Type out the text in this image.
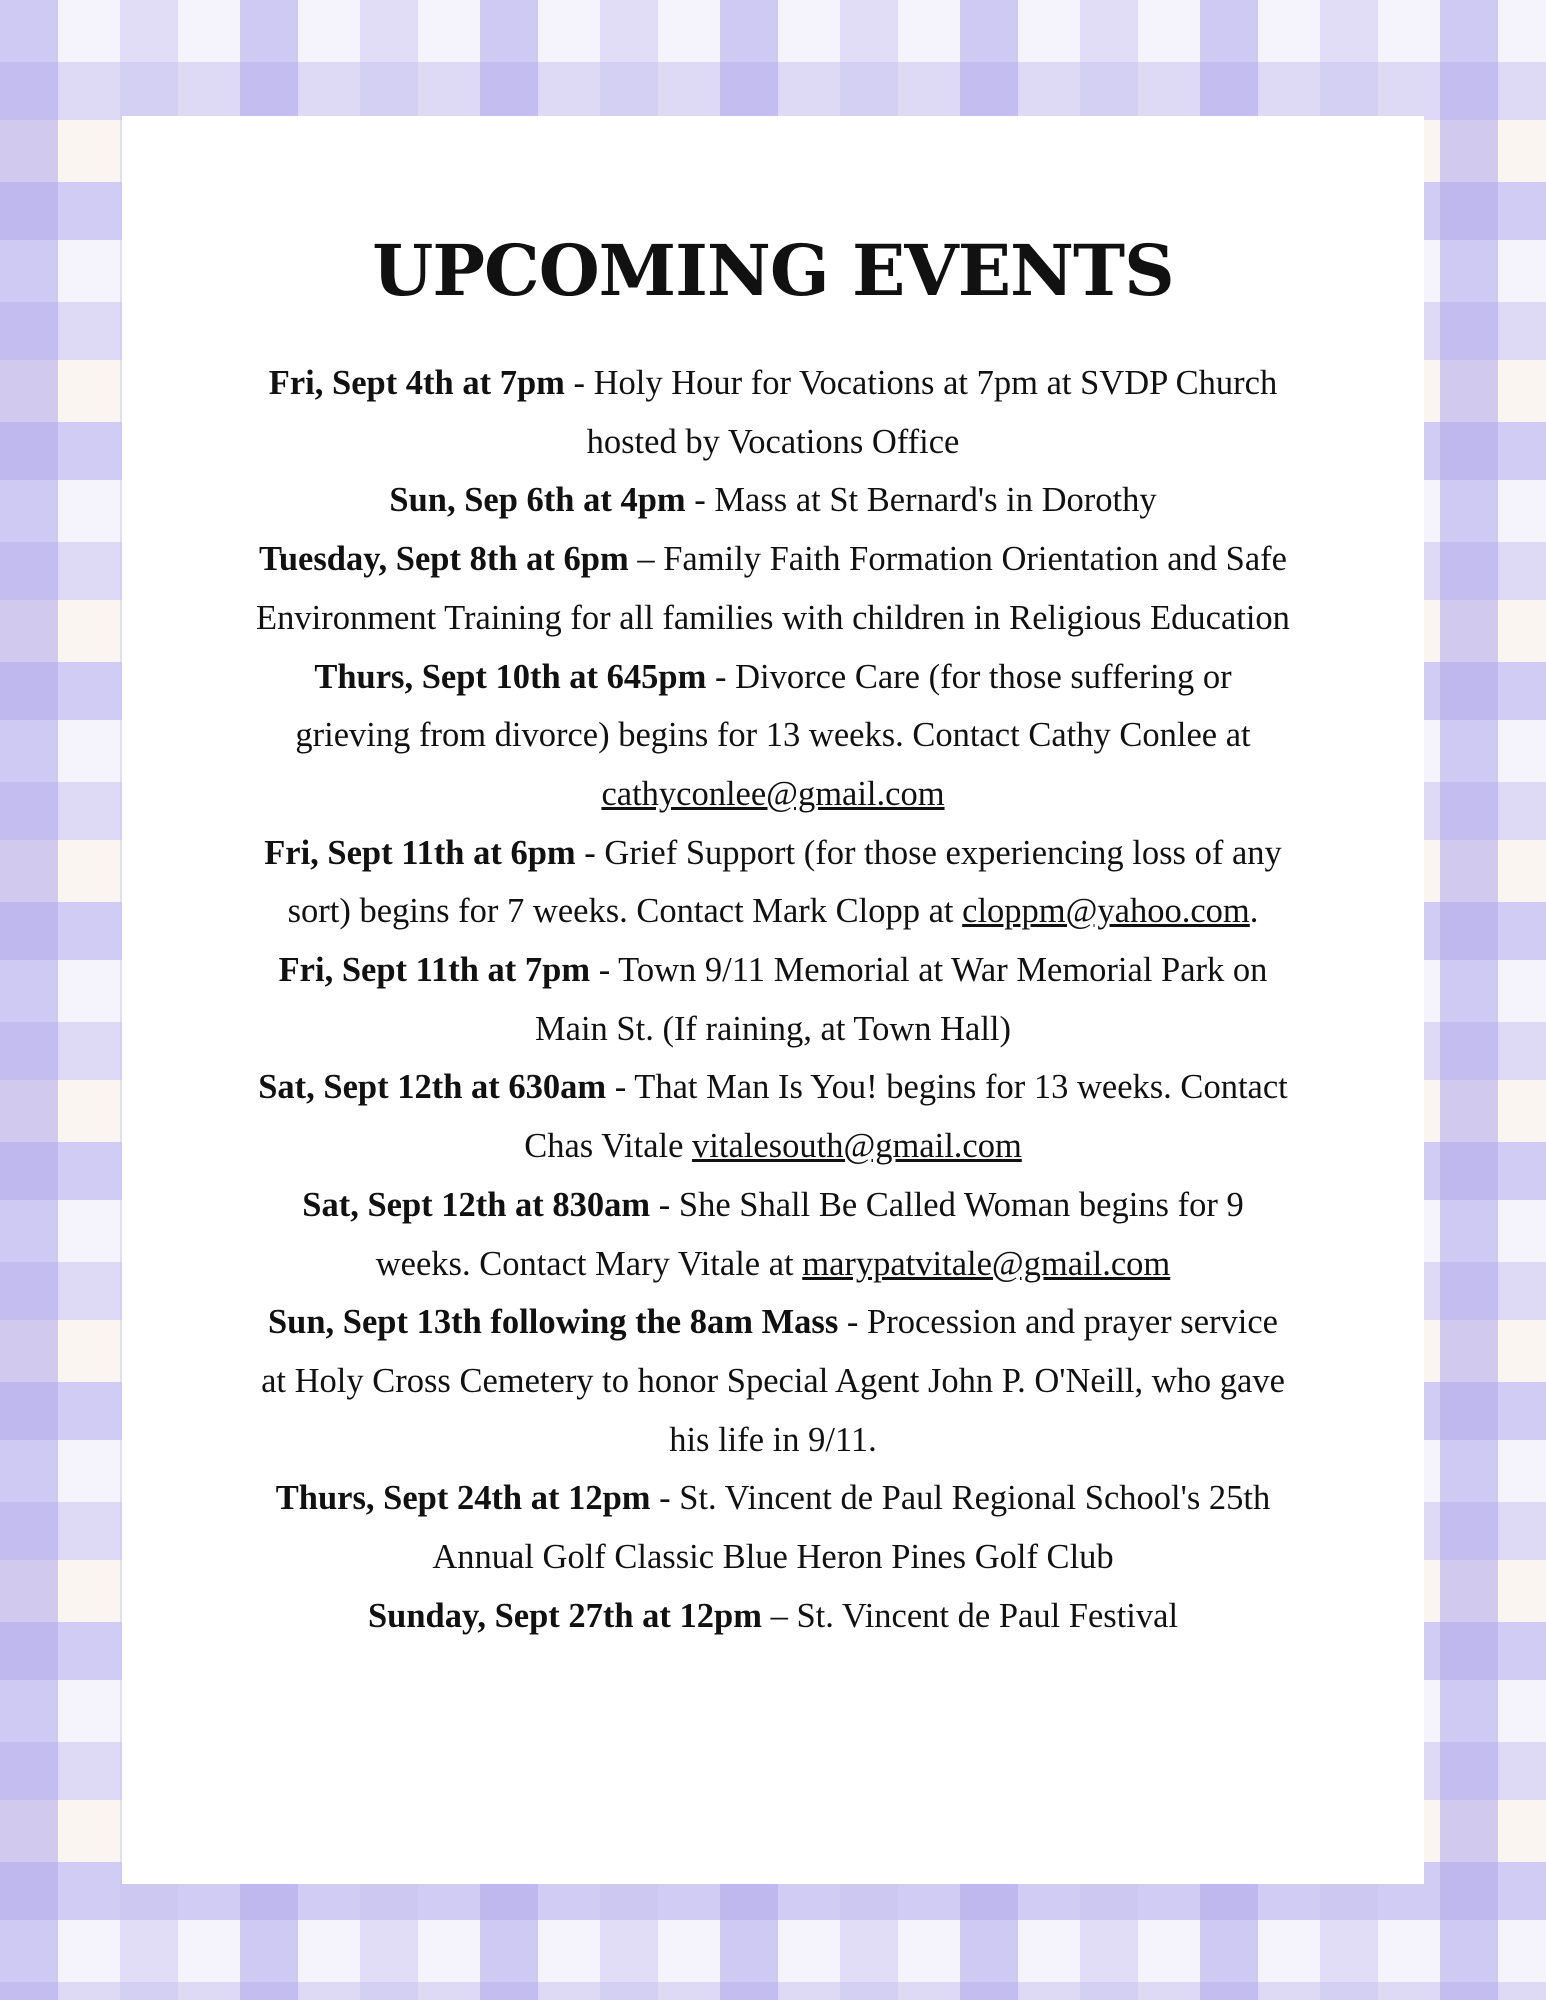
UPCOMING EVENTS

Fri, Sept 4th at 7pm - Holy Hour for Vocations at 7pm at SVDP Church hosted by Vocations Office

Sun, Sep 6th at 4pm - Mass at St Bernard's in Dorothy

Tuesday, Sept 8th at 6pm – Family Faith Formation Orientation and Safe Environment Training for all families with children in Religious Education

Thurs, Sept 10th at 645pm - Divorce Care (for those suffering or grieving from divorce) begins for 13 weeks. Contact Cathy Conlee at cathyconlee@gmail.com

Fri, Sept 11th at 6pm - Grief Support (for those experiencing loss of any sort) begins for 7 weeks. Contact Mark Clopp at cloppm@yahoo.com.

Fri, Sept 11th at 7pm - Town 9/11 Memorial at War Memorial Park on Main St. (If raining, at Town Hall)

Sat, Sept 12th at 630am - That Man Is You! begins for 13 weeks. Contact Chas Vitale vitalesouth@gmail.com

Sat, Sept 12th at 830am - She Shall Be Called Woman begins for 9 weeks. Contact Mary Vitale at marypatvitale@gmail.com

Sun, Sept 13th following the 8am Mass - Procession and prayer service at Holy Cross Cemetery to honor Special Agent John P. O'Neill, who gave his life in 9/11.

Thurs, Sept 24th at 12pm - St. Vincent de Paul Regional School's 25th Annual Golf Classic Blue Heron Pines Golf Club

Sunday, Sept 27th at 12pm – St. Vincent de Paul Festival
